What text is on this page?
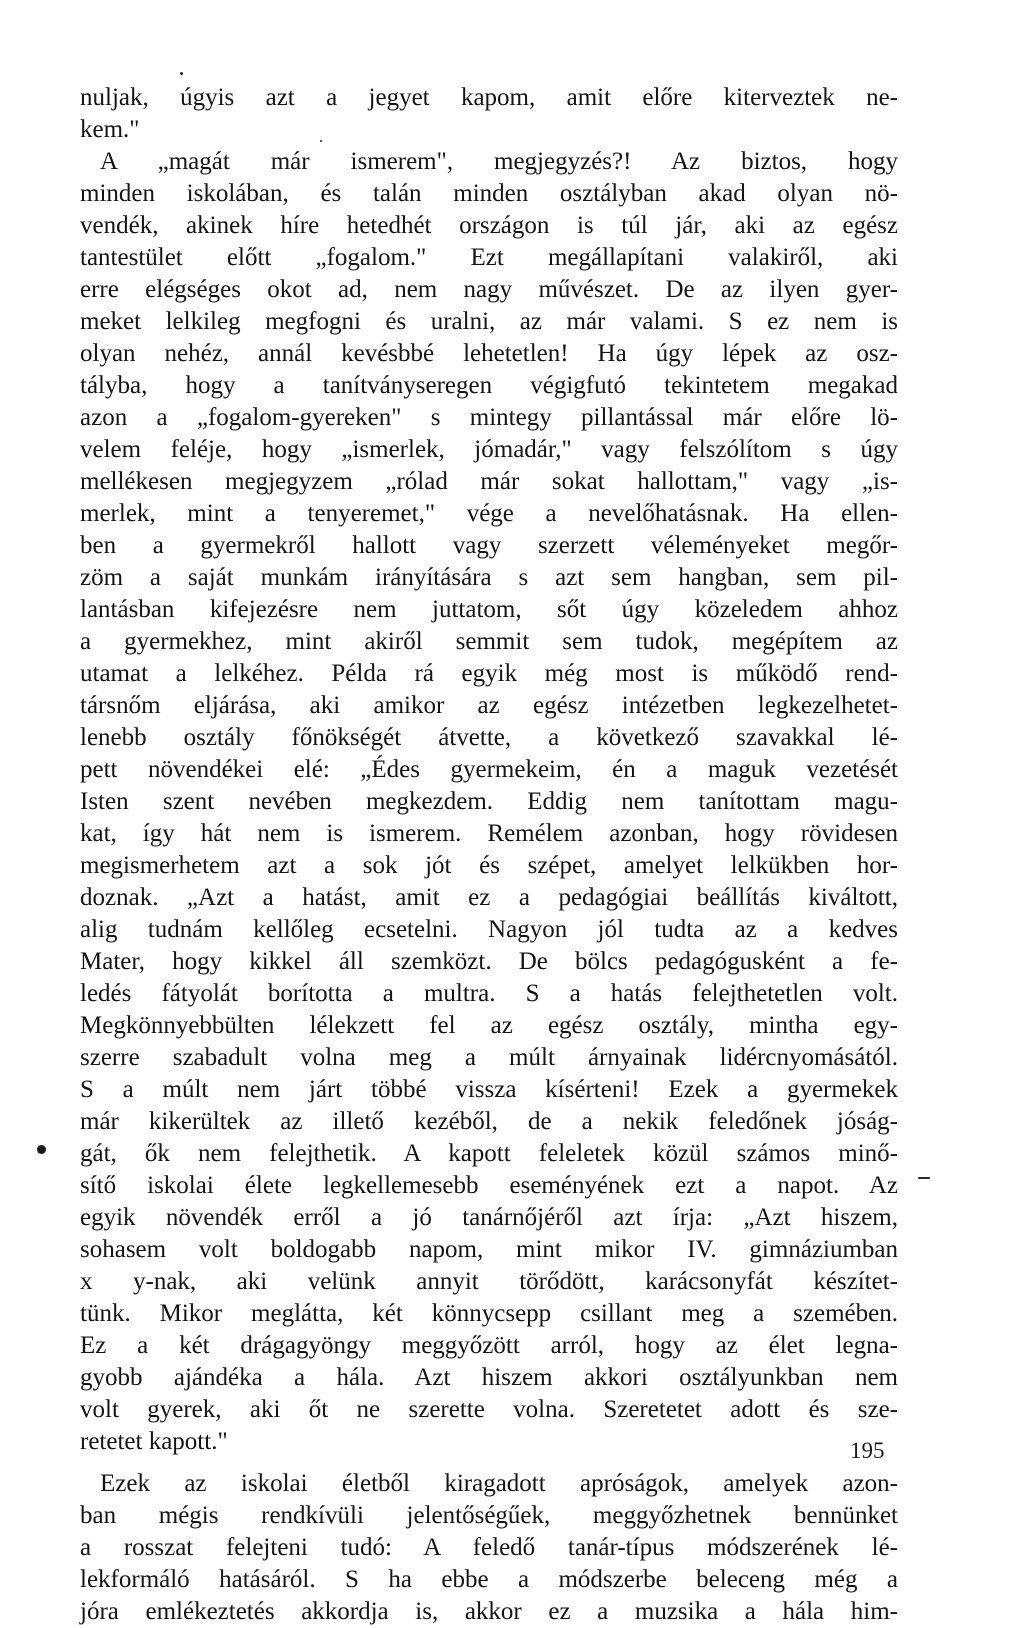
nuljak, úgyis azt a jegyet kapom, amit előre kiterveztek ne-
kem."
A „magát már ismerem", megjegyzés?! Az biztos, hogy
minden iskolában, és talán minden osztályban akad olyan nö-
vendék, akinek híre hetedhét országon is túl jár, aki az egész
tantestület előtt „fogalom." Ezt megállapítani valakiről, aki
erre elégséges okot ad, nem nagy művészet. De az ilyen gyer-
meket lelkileg megfogni és uralni, az már valami. S ez nem is
olyan nehéz, annál kevésbbé lehetetlen! Ha úgy lépek az osz-
tályba, hogy a tanítványseregen végigfutó tekintetem megakad
azon a „fogalom-gyereken" s mintegy pillantással már előre lö-
velem feléje, hogy „ismerlek, jómadár," vagy felszólítom s úgy
mellékesen megjegyzem „rólad már sokat hallottam," vagy „is-
merlek, mint a tenyeremet," vége a nevelőhatásnak. Ha ellen-
ben a gyermekről hallott vagy szerzett véleményeket megőr-
zöm a saját munkám irányítására s azt sem hangban, sem pil-
lantásban kifejezésre nem juttatom, sőt úgy közeledem ahhoz
a gyermekhez, mint akiről semmit sem tudok, megépítem az
utamat a lelkéhez. Példa rá egyik még most is működő rend-
társnőm eljárása, aki amikor az egész intézetben legkezelhetet-
lenebb osztály főnökségét átvette, a következő szavakkal lé-
pett növendékei elé: „Édes gyermekeim, én a maguk vezetését
Isten szent nevében megkezdem. Eddig nem tanítottam magu-
kat, így hát nem is ismerem. Remélem azonban, hogy rövidesen
megismerhetem azt a sok jót és szépet, amelyet lelkükben hor-
doznak. „Azt a hatást, amit ez a pedagógiai beállítás kiváltott,
alig tudnám kellőleg ecsetelni. Nagyon jól tudta az a kedves
Mater, hogy kikkel áll szemközt. De bölcs pedagógusként a fe-
ledés fátyolát borította a multra. S a hatás felejthetetlen volt.
Megkönnyebbülten lélekzett fel az egész osztály, mintha egy-
szerre szabadult volna meg a múlt árnyainak lidércnyomásától.
S a múlt nem járt többé vissza kísérteni! Ezek a gyermekek
már kikerültek az illető kezéből, de a nekik feledőnek jóság-
gát, ők nem felejthetik. A kapott feleletek közül számos minő-
sítő iskolai élete legkellemesebb eseményének ezt a napot. Az
egyik növendék erről a jó tanárnőjéről azt írja: „Azt hiszem,
sohasem volt boldogabb napom, mint mikor IV. gimnáziumban
x y-nak, aki velünk annyit törődött, karácsonyfát készítet-
tünk. Mikor meglátta, két könnycsepp csillant meg a szemében.
Ez a két drágagyöngy meggyőzött arról, hogy az élet legna-
gyobb ajándéka a hála. Azt hiszem akkori osztályunkban nem
volt gyerek, aki őt ne szerette volna. Szeretetet adott és sze-
retetet kapott."
Ezek az iskolai életből kiragadott apróságok, amelyek azon-
ban mégis rendkívüli jelentőségűek, meggyőzhetnek bennünket
a rosszat felejteni tudó: A feledő tanár-típus módszerének lé-
lekformáló hatásáról. S ha ebbe a módszerbe beleceng még a
jóra emlékeztetés akkordja is, akkor ez a muzsika a hála him-
195
